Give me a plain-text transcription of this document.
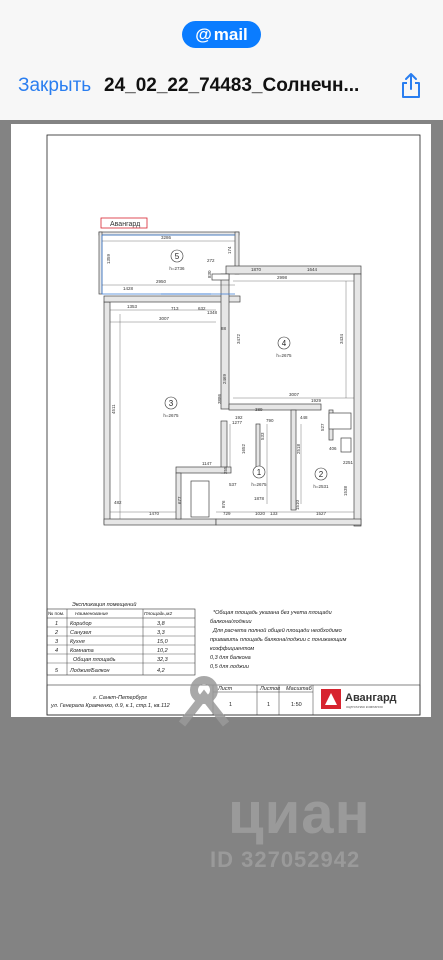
@ mail
Закрыть 24_02_22_74483_Солнечн...
Авангард
3286
2950
1428
1353
3007
2998
1644
1870
3007
1929
1147
1878
1020
1470	1527
4511
3434
3472
3886
2469
1359
1348
632
713
174
272
830
88
389
1277	790
448
192
1652	2518
533
527
2251
406
1510
1538
482
729	133
537
677
876
255
5
h=2736
3
h=2675
4
h=2675
1
h=2675
2
h=2531
Экспликация помещений
№ пом. Наименование	Площадь,м2
1 Коридор	3,8
2 Санузел	3,3
3 Кухня	15,0
4 Комната	10,2
Общая площадь	32,3
5 Лоджия/Балкон	4,2
*Общая площадь указана без учета площади
балкона/лоджии
Для расчета полной общей площади необходимо
привавить площадь балкона/лоджии с понижающим
коэффициентом
0,3 для балкона
0,5 для лоджии
г. Санкт-Петербург
ул. Генерала Кравченко, д.9, к.1, стр.1, кв.112
Лист	Листов Масштаб
1	1	1:50
Авангард
оценочная компания
циан
ID 327052942
